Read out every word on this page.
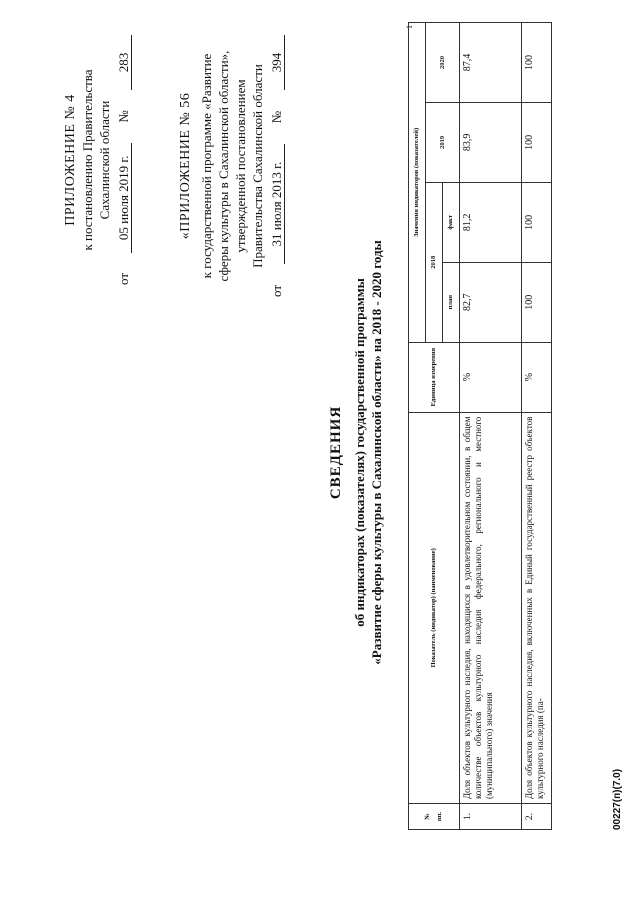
ПРИЛОЖЕНИЕ № 4 к постановлению Правительства Сахалинской области
от
05 июля 2019 г.
№
283
«ПРИЛОЖЕНИЕ № 56 к государственной программе «Развитие сферы культуры в Сахалинской области», утвержденной постановлением Правительства Сахалинской области
от
31 июля 2013 г.
№
394
СВЕДЕНИЯ об индикаторах (показателях) государственной программы «Развитие сферы культуры в Сахалинской области» на 2018 - 2020 годы
1
№ пп.	Показатель (индикатор) (наименование)	Единица измерения	Значения индикаторов (показателей)			
			2018		2019	2020
			план	факт		
1.	Доля объектов культурного наследия, находящихся в удовлетворительном состоянии, в общем количестве объектов культурного наследия федерального, регионального и местного (муниципального) значения	%	82,7	81,2	83,9	87,4
2.	Доля объектов культурного наследия, включенных в Единый государственный реестр объектов культурного наследия (па-	%	100	100	100	100
00227(п)(7.0)
